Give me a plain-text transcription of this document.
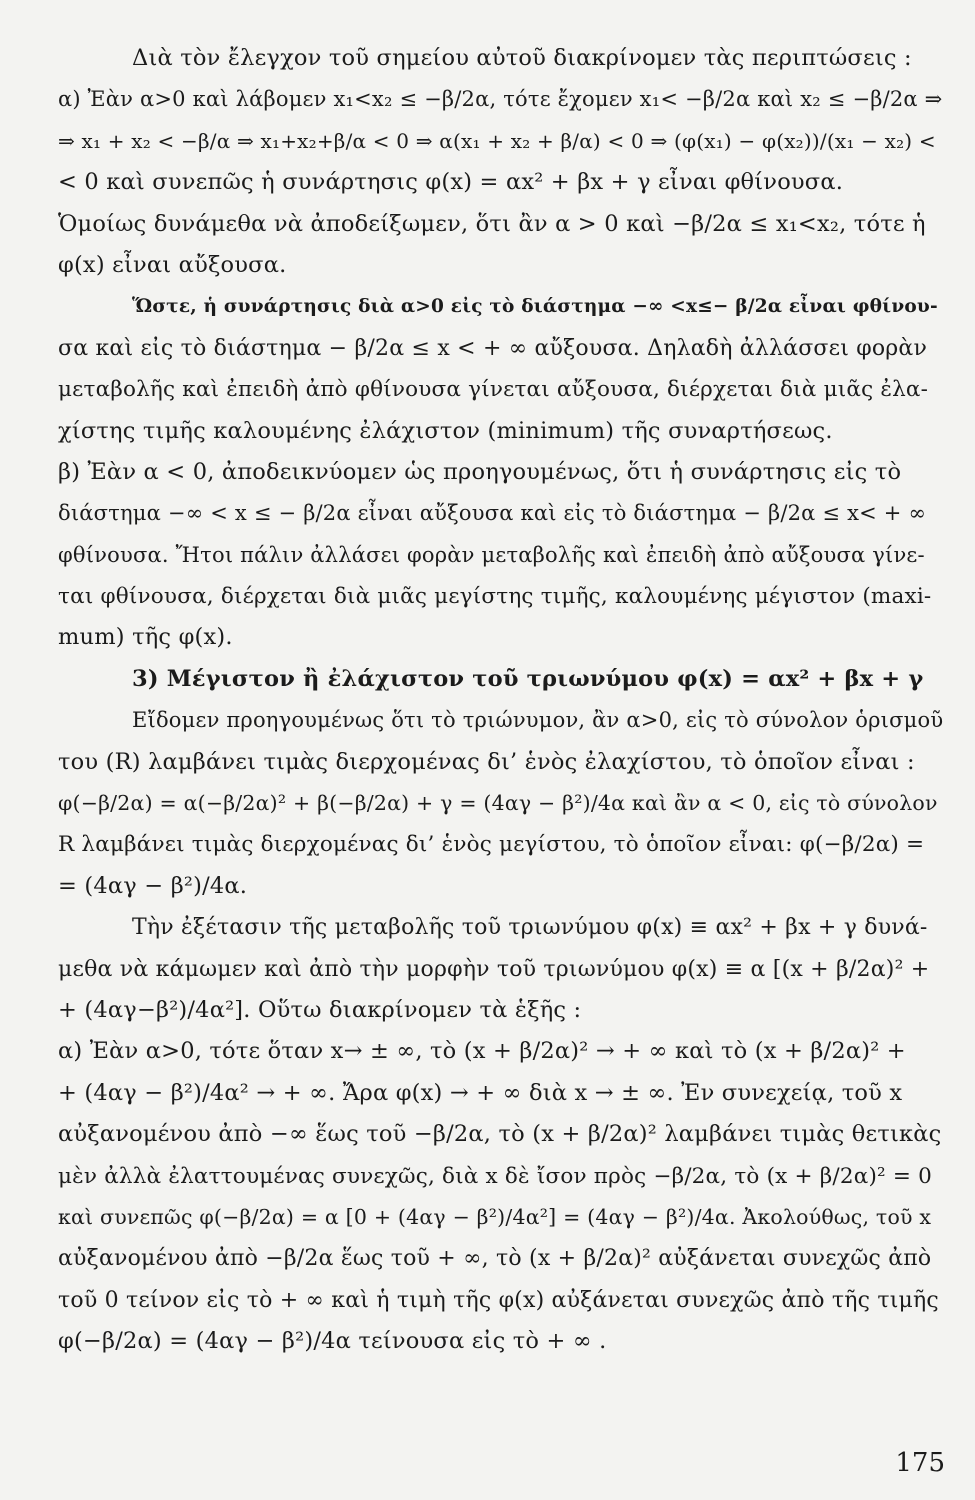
Διὰ τὸν ἔλεγχον τοῦ σημείου αὐτοῦ διακρίνομεν τὰς περιπτώσεις :
α) Ἐὰν α>0 καὶ λάβομεν x₁<x₂ ≤ −β/2α, τότε ἔχομεν x₁< −β/2α καὶ x₂ ≤ −β/2α ⇒
⇒ x₁ + x₂ < −β/α ⇒ x₁+x₂+β/α < 0 ⇒ α(x₁ + x₂ + β/α) < 0 ⇒ (φ(x₁) − φ(x₂))/(x₁ − x₂) <
< 0 καὶ συνεπῶς ἡ συνάρτησις φ(x) = αx² + βx + γ εἶναι φθίνουσα.
Ὁμοίως δυνάμεθα νὰ ἀποδείξωμεν, ὅτι ἂν α > 0 καὶ −β/2α ≤ x₁<x₂, τότε ἡ
φ(x) εἶναι αὔξουσα.
Ὥστε, ἡ συνάρτησις διὰ α>0 εἰς τὸ διάστημα −∞ <x≤− β/2α εἶναι φθίνου-
σα καὶ εἰς τὸ διάστημα − β/2α ≤ x < + ∞ αὔξουσα. Δηλαδὴ ἀλλάσσει φορὰν
μεταβολῆς καὶ ἐπειδὴ ἀπὸ φθίνουσα γίνεται αὔξουσα, διέρχεται διὰ μιᾶς ἐλα-
χίστης τιμῆς καλουμένης ἐλάχιστον (minimum) τῆς συναρτήσεως.
β) Ἐὰν α < 0, ἀποδεικνύομεν ὡς προηγουμένως, ὅτι ἡ συνάρτησις εἰς τὸ
διάστημα −∞ < x ≤ − β/2α εἶναι αὔξουσα καὶ εἰς τὸ διάστημα − β/2α ≤ x< + ∞
φθίνουσα. Ἤτοι πάλιν ἀλλάσει φορὰν μεταβολῆς καὶ ἐπειδὴ ἀπὸ αὔξουσα γίνε-
ται φθίνουσα, διέρχεται διὰ μιᾶς μεγίστης τιμῆς, καλουμένης μέγιστον (maxi-
mum) τῆς φ(x).
3) Μέγιστον ἢ ἐλάχιστον τοῦ τριωνύμου φ(x) = αx² + βx + γ
Εἴδομεν προηγουμένως ὅτι τὸ τριώνυμον, ἂν α>0, εἰς τὸ σύνολον ὁρισμοῦ
του (R) λαμβάνει τιμὰς διερχομένας δι’ ἑνὸς ἐλαχίστου, τὸ ὁποῖον εἶναι :
φ(−β/2α) = α(−β/2α)² + β(−β/2α) + γ = (4αγ − β²)/4α καὶ ἂν α < 0, εἰς τὸ σύνολον
R λαμβάνει τιμὰς διερχομένας δι’ ἑνὸς μεγίστου, τὸ ὁποῖον εἶναι: φ(−β/2α) =
= (4αγ − β²)/4α.
Τὴν ἐξέτασιν τῆς μεταβολῆς τοῦ τριωνύμου φ(x) ≡ αx² + βx + γ δυνά-
μεθα νὰ κάμωμεν καὶ ἀπὸ τὴν μορφὴν τοῦ τριωνύμου φ(x) ≡ α [(x + β/2α)² +
+ (4αγ−β²)/4α²]. Οὕτω διακρίνομεν τὰ ἑξῆς :
α) Ἐὰν α>0, τότε ὅταν x→ ± ∞, τὸ (x + β/2α)² → + ∞ καὶ τὸ (x + β/2α)² +
+ (4αγ − β²)/4α² → + ∞. Ἄρα φ(x) → + ∞ διὰ x → ± ∞. Ἐν συνεχείᾳ, τοῦ x
αὐξανομένου ἀπὸ −∞ ἕως τοῦ −β/2α, τὸ (x + β/2α)² λαμβάνει τιμὰς θετικὰς
μὲν ἀλλὰ ἐλαττουμένας συνεχῶς, διὰ x δὲ ἴσον πρὸς −β/2α, τὸ (x + β/2α)² = 0
καὶ συνεπῶς φ(−β/2α) = α [0 + (4αγ − β²)/4α²] = (4αγ − β²)/4α. Ἀκολούθως, τοῦ x
αὐξανομένου ἀπὸ −β/2α ἕως τοῦ + ∞, τὸ (x + β/2α)² αὐξάνεται συνεχῶς ἀπὸ
τοῦ 0 τείνον εἰς τὸ + ∞ καὶ ἡ τιμὴ τῆς φ(x) αὐξάνεται συνεχῶς ἀπὸ τῆς τιμῆς
φ(−β/2α) = (4αγ − β²)/4α τείνουσα εἰς τὸ + ∞ .
175
